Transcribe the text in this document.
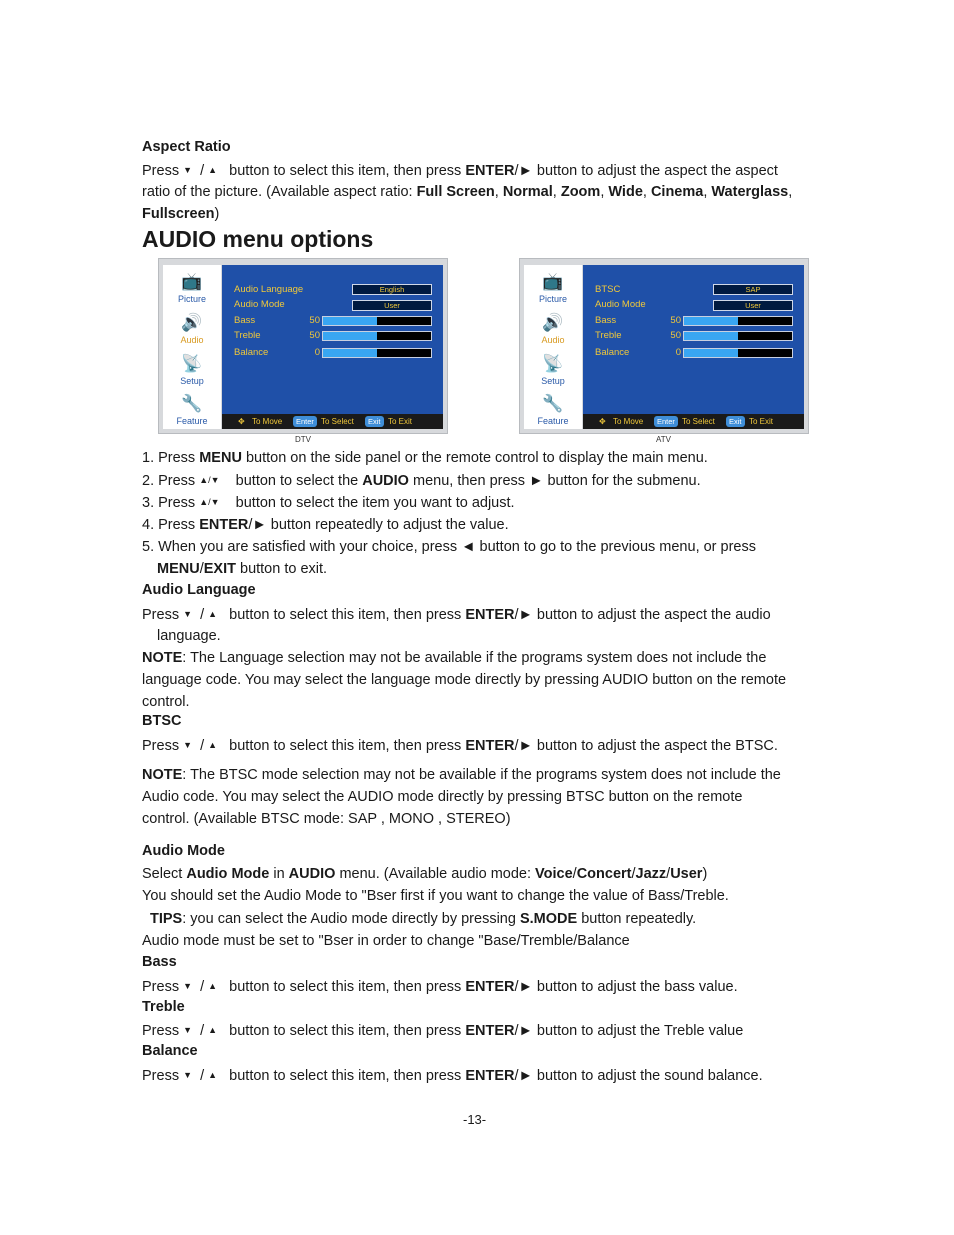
Aspect Ratio
Press ▼  / ▲ button to select this item, then press ENTER/► button to adjust the aspect the aspect
ratio of the picture. (Available aspect ratio: Full Screen, Normal, Zoom, Wide, Cinema, Waterglass,
Fullscreen)
AUDIO menu options
📺
Picture
🔊
Audio
📡
Setup
🔧
Feature
Audio Language	English
Audio Mode	User
Bass	50
Treble	50
Balance	0
✥ To Move	Enter To Select	Exit To Exit
DTV
📺
Picture
🔊
Audio
📡
Setup
🔧
Feature
BTSC	SAP
Audio Mode	User
Bass	50
Treble	50
Balance	0
✥ To Move	Enter To Select	Exit To Exit
ATV
1. Press MENU button on the side panel or the remote control to display the main menu.
2. Press ▲/▼ button to select the AUDIO menu, then press ► button for the submenu.
3. Press ▲/▼ button to select the item you want to adjust.
4. Press ENTER/► button repeatedly to adjust the value.
5. When you are satisfied with your choice, press ◄ button to go to the previous menu, or press
MENU/EXIT button to exit.
Audio Language
Press ▼  / ▲ button to select this item, then press ENTER/► button to adjust the aspect the audio
language.
NOTE: The Language selection may not be available if the programs system does not include the
language code. You may select the language mode directly by pressing AUDIO button on the remote
control.
BTSC
Press ▼  / ▲ button to select this item, then press ENTER/► button to adjust the aspect the BTSC.
NOTE: The BTSC mode selection may not be available if the programs system does not include the
Audio code. You may select the AUDIO mode directly by pressing BTSC button on the remote
control. (Available BTSC mode: SAP , MONO , STEREO)
Audio Mode
Select Audio Mode in AUDIO menu. (Available audio mode: Voice/Concert/Jazz/User)
You should set the Audio Mode to "Bser first if you want to change the value of Bass/Treble.
TIPS: you can select the Audio mode directly by pressing S.MODE button repeatedly.
Audio mode must be set to "Bser in order to change "Base/Tremble/Balance
Bass
Press ▼  / ▲ button to select this item, then press ENTER/► button to adjust the bass value.
Treble
Press ▼  / ▲ button to select this item, then press ENTER/► button to adjust the Treble value
Balance
Press ▼  / ▲ button to select this item, then press ENTER/► button to adjust the sound balance.
-13-
